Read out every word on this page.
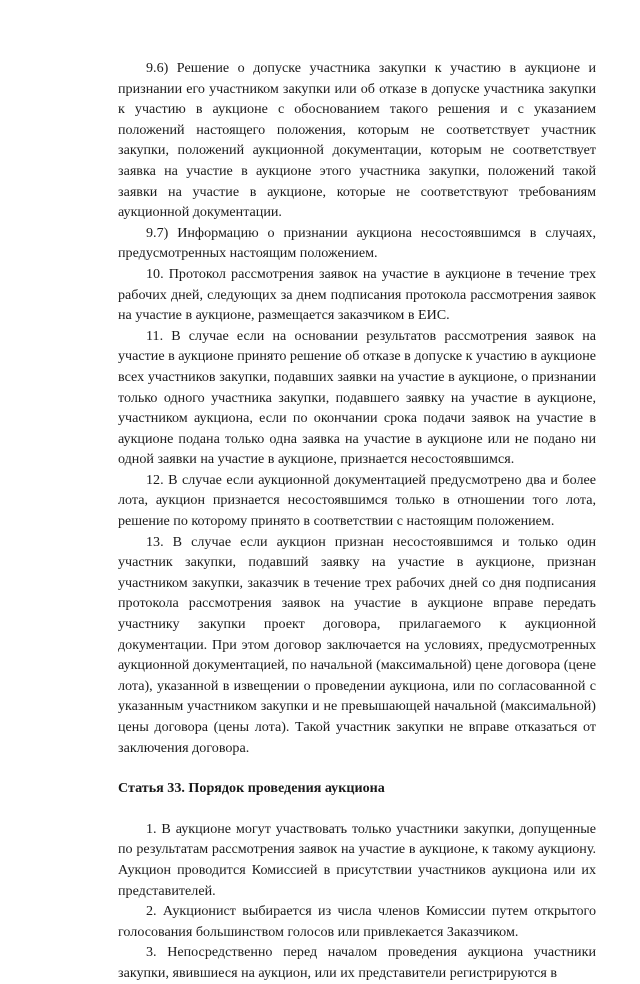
9.6) Решение о допуске участника закупки к участию в аукционе и признании его участником закупки или об отказе в допуске участника закупки к участию в аукционе с обоснованием такого решения и с указанием положений настоящего положения, которым не соответствует участник закупки, положений аукционной документации, которым не соответствует заявка на участие в аукционе этого участника закупки, положений такой заявки на участие в аукционе, которые не соответствуют требованиям аукционной документации.

9.7) Информацию о признании аукциона несостоявшимся в случаях, предусмотренных настоящим положением.

10. Протокол рассмотрения заявок на участие в аукционе в течение трех рабочих дней, следующих за днем подписания протокола рассмотрения заявок на участие в аукционе, размещается заказчиком в ЕИС.

11. В случае если на основании результатов рассмотрения заявок на участие в аукционе принято решение об отказе в допуске к участию в аукционе всех участников закупки, подавших заявки на участие в аукционе, о признании только одного участника закупки, подавшего заявку на участие в аукционе, участником аукциона, если по окончании срока подачи заявок на участие в аукционе подана только одна заявка на участие в аукционе или не подано ни одной заявки на участие в аукционе, признается несостоявшимся.

12. В случае если аукционной документацией предусмотрено два и более лота, аукцион признается несостоявшимся только в отношении того лота, решение по которому принято в соответствии с настоящим положением.

13. В случае если аукцион признан несостоявшимся и только один участник закупки, подавший заявку на участие в аукционе, признан участником закупки, заказчик в течение трех рабочих дней со дня подписания протокола рассмотрения заявок на участие в аукционе вправе передать участнику закупки проект договора, прилагаемого к аукционной документации. При этом договор заключается на условиях, предусмотренных аукционной документацией, по начальной (максимальной) цене договора (цене лота), указанной в извещении о проведении аукциона, или по согласованной с указанным участником закупки и не превышающей начальной (максимальной) цены договора (цены лота). Такой участник закупки не вправе отказаться от заключения договора.

Статья 33. Порядок проведения аукциона

1. В аукционе могут участвовать только участники закупки, допущенные по результатам рассмотрения заявок на участие в аукционе, к такому аукциону. Аукцион проводится Комиссией в присутствии участников аукциона или их представителей.

2. Аукционист выбирается из числа членов Комиссии путем открытого голосования большинством голосов или привлекается Заказчиком.

3. Непосредственно перед началом проведения аукциона участники закупки, явившиеся на аукцион, или их представители регистрируются в
